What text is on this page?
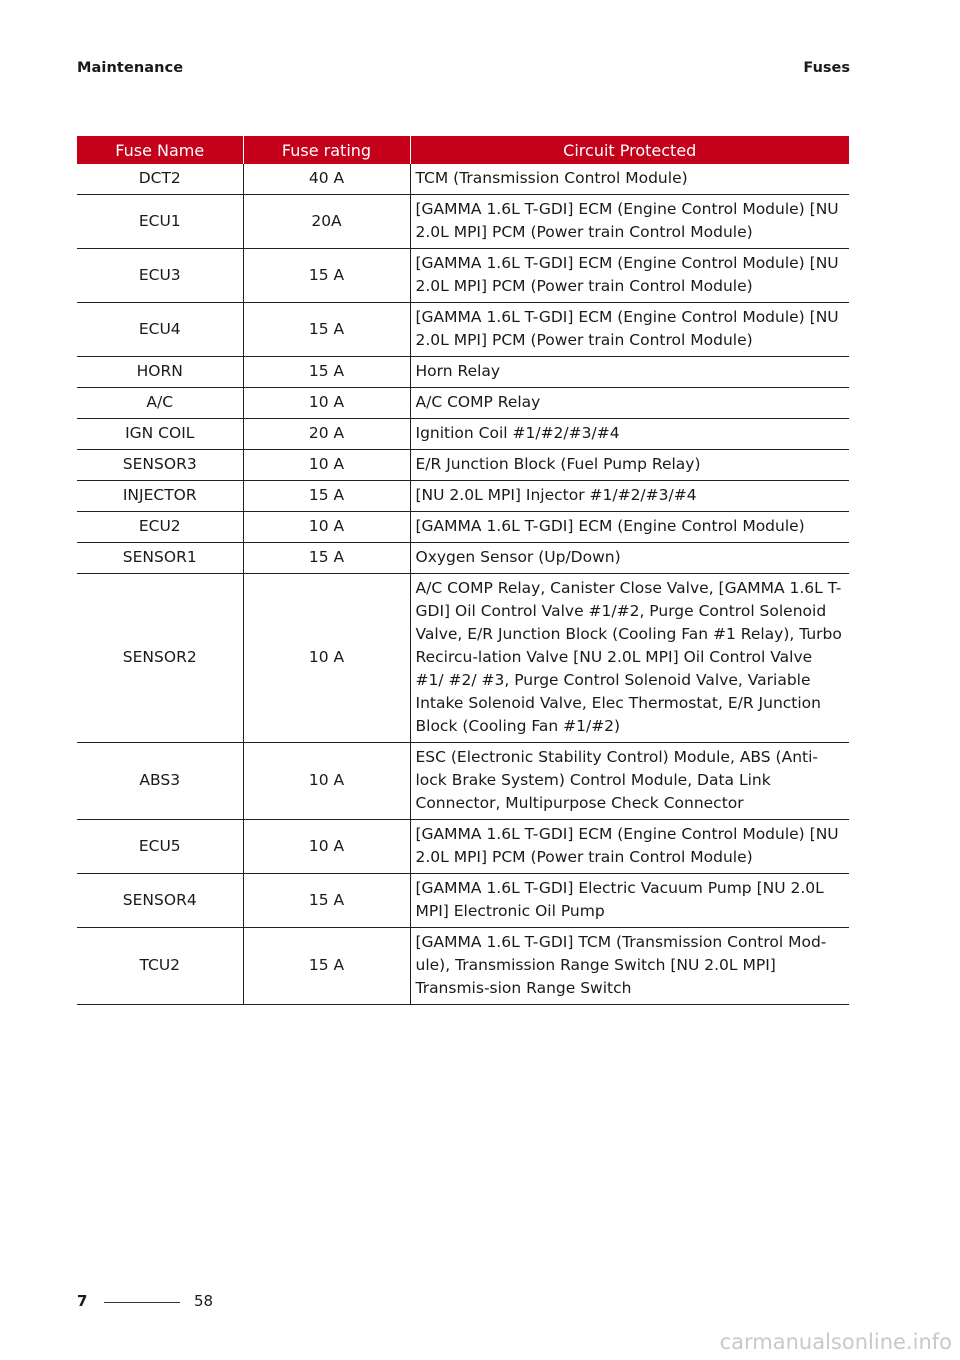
Maintenance	Fuses
Fuse Name	Fuse rating	Circuit Protected
DCT2	40 A	TCM (Transmission Control Module)
ECU1	20A	[GAMMA 1.6L T-GDI] ECM (Engine Control Module) [NU 2.0L MPI] PCM (Power train Control Module)
ECU3	15 A	[GAMMA 1.6L T-GDI] ECM (Engine Control Module) [NU 2.0L MPI] PCM (Power train Control Module)
ECU4	15 A	[GAMMA 1.6L T-GDI] ECM (Engine Control Module) [NU 2.0L MPI] PCM (Power train Control Module)
HORN	15 A	Horn Relay
A/C	10 A	A/C COMP Relay
IGN COIL	20 A	Ignition Coil #1/#2/#3/#4
SENSOR3	10 A	E/R Junction Block (Fuel Pump Relay)
INJECTOR	15 A	[NU 2.0L MPI] Injector #1/#2/#3/#4
ECU2	10 A	[GAMMA 1.6L T-GDI] ECM (Engine Control Module)
SENSOR1	15 A	Oxygen Sensor (Up/Down)
SENSOR2	10 A	A/C COMP Relay, Canister Close Valve, [GAMMA 1.6L T-GDI] Oil Control Valve #1/#2, Purge Control Solenoid Valve, E/R Junction Block (Cooling Fan #1 Relay), Turbo Recircu-lation Valve [NU 2.0L MPI] Oil Control Valve #1/ #2/ #3, Purge Control Solenoid Valve, Variable Intake Solenoid Valve, Elec Thermostat, E/R Junction Block (Cooling Fan #1/#2)
ABS3	10 A	ESC (Electronic Stability Control) Module, ABS (Anti-lock Brake System) Control Module, Data Link Connector, Multipurpose Check Connector
ECU5	10 A	[GAMMA 1.6L T-GDI] ECM (Engine Control Module) [NU 2.0L MPI] PCM (Power train Control Module)
SENSOR4	15 A	[GAMMA 1.6L T-GDI] Electric Vacuum Pump [NU 2.0L MPI] Electronic Oil Pump
TCU2	15 A	[GAMMA 1.6L T-GDI] TCM (Transmission Control Mod-ule), Transmission Range Switch [NU 2.0L MPI] Transmis-sion Range Switch
7	58
carmanualsonline.info
